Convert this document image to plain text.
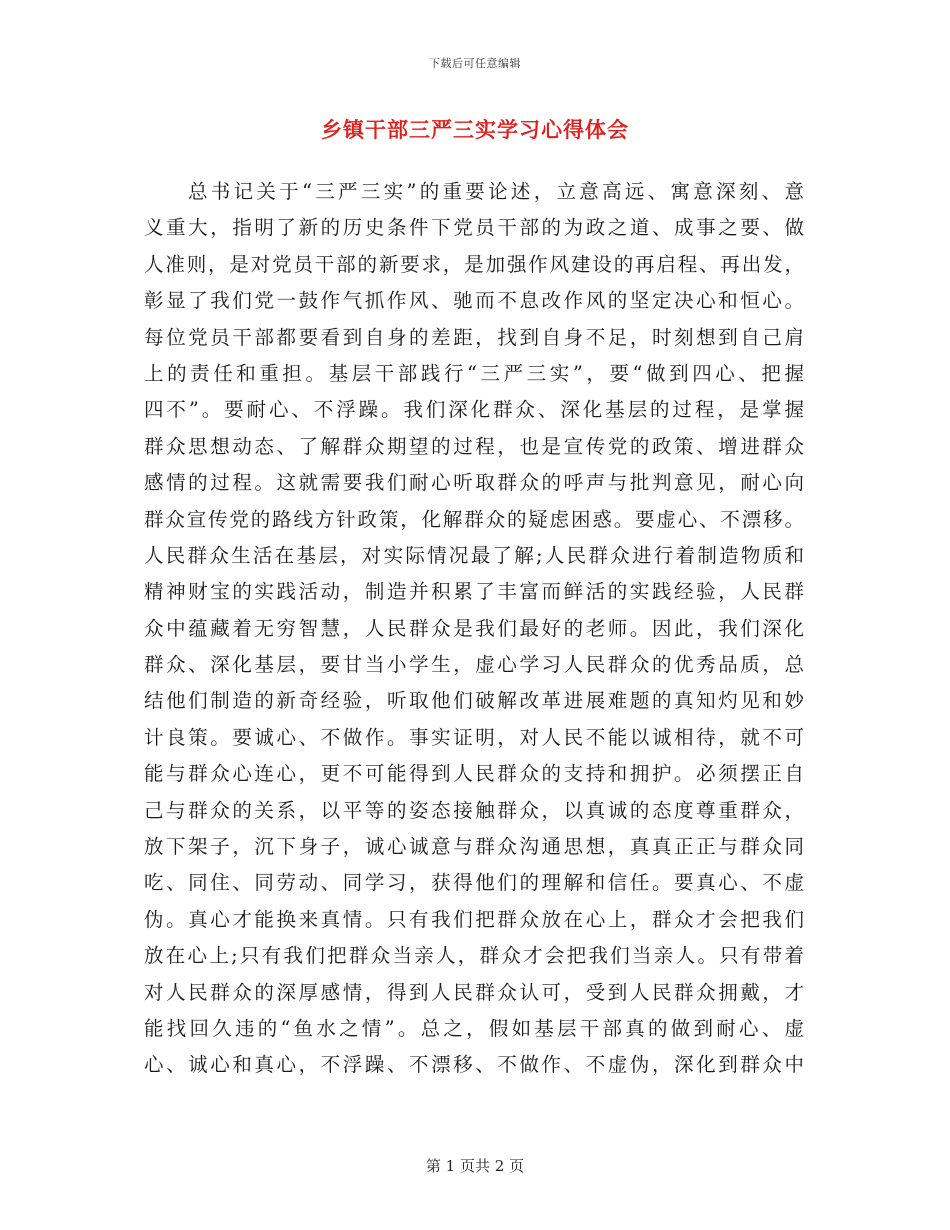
下载后可任意编辑
乡镇干部三严三实学习心得体会
总书记关于“三严三实”的重要论述，立意高远、寓意深刻、意
义重大，指明了新的历史条件下党员干部的为政之道、成事之要、做
人准则，是对党员干部的新要求，是加强作风建设的再启程、再出发，
彰显了我们党一鼓作气抓作风、驰而不息改作风的坚定决心和恒心。
每位党员干部都要看到自身的差距，找到自身不足，时刻想到自己肩
上的责任和重担。基层干部践行“三严三实”，要“做到四心、把握
四不”。要耐心、不浮躁。我们深化群众、深化基层的过程，是掌握
群众思想动态、了解群众期望的过程，也是宣传党的政策、增进群众
感情的过程。这就需要我们耐心听取群众的呼声与批判意见，耐心向
群众宣传党的路线方针政策，化解群众的疑虑困惑。要虚心、不漂移。
人民群众生活在基层，对实际情况最了解;人民群众进行着制造物质和
精神财宝的实践活动，制造并积累了丰富而鲜活的实践经验，人民群
众中蕴藏着无穷智慧，人民群众是我们最好的老师。因此，我们深化
群众、深化基层，要甘当小学生，虚心学习人民群众的优秀品质，总
结他们制造的新奇经验，听取他们破解改革进展难题的真知灼见和妙
计良策。要诚心、不做作。事实证明，对人民不能以诚相待，就不可
能与群众心连心，更不可能得到人民群众的支持和拥护。必须摆正自
己与群众的关系，以平等的姿态接触群众，以真诚的态度尊重群众，
放下架子，沉下身子，诚心诚意与群众沟通思想，真真正正与群众同
吃、同住、同劳动、同学习，获得他们的理解和信任。要真心、不虚
伪。真心才能换来真情。只有我们把群众放在心上，群众才会把我们
放在心上;只有我们把群众当亲人，群众才会把我们当亲人。只有带着
对人民群众的深厚感情，得到人民群众认可，受到人民群众拥戴，才
能找回久违的“鱼水之情”。总之，假如基层干部真的做到耐心、虚
心、诚心和真心，不浮躁、不漂移、不做作、不虚伪，深化到群众中
第 1 页共 2 页
